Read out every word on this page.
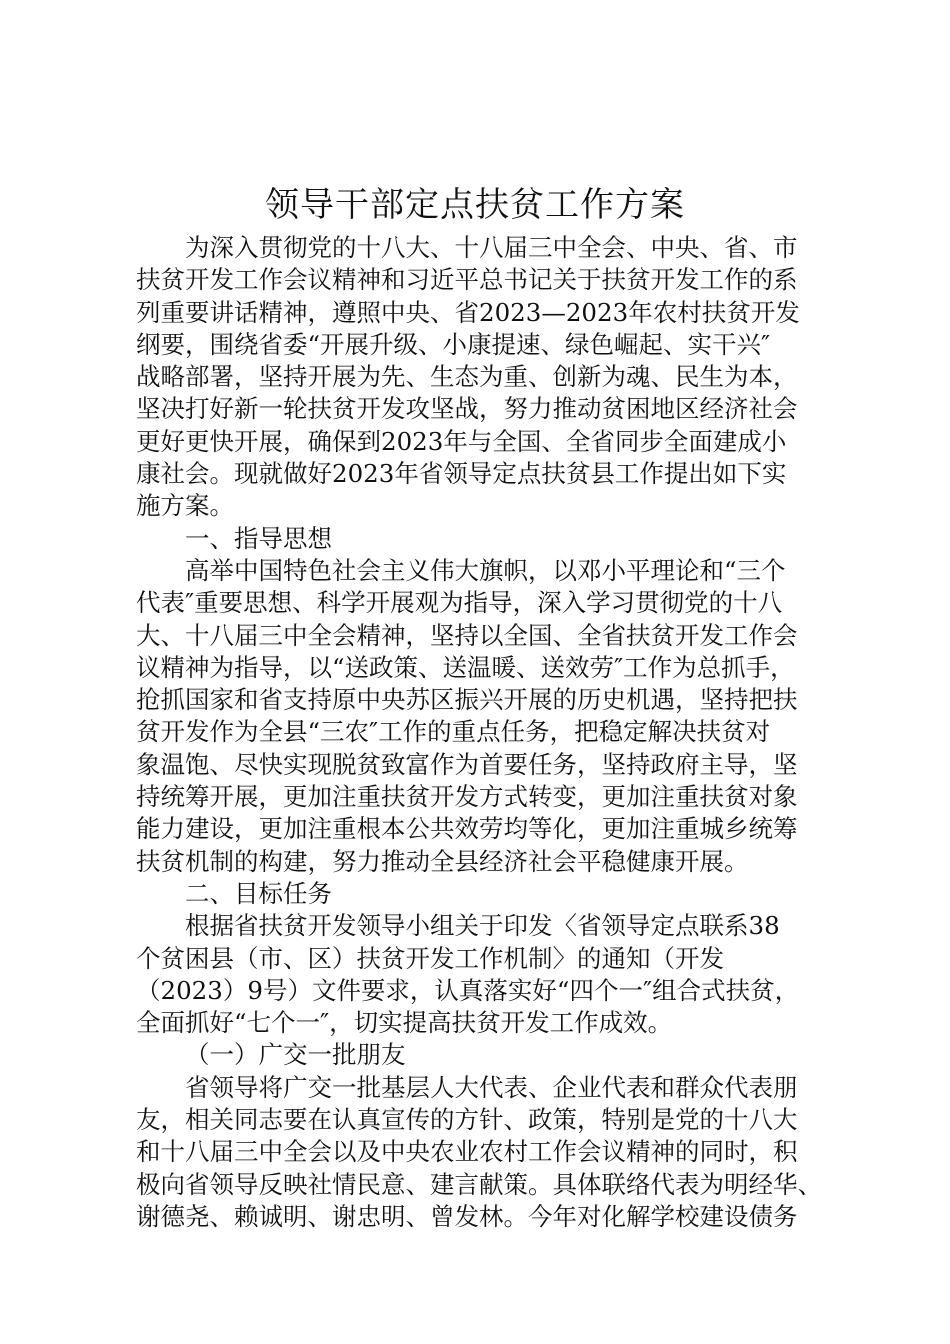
领导干部定点扶贫工作方案
为深入贯彻党的十八大、十八届三中全会、中央、省、市
扶贫开发工作会议精神和习近平总书记关于扶贫开发工作的系
列重要讲话精神，遵照中央、省2023—2023年农村扶贫开发
纲要，围绕省委“开展升级、小康提速、绿色崛起、实干兴″
战略部署，坚持开展为先、生态为重、创新为魂、民生为本，
坚决打好新一轮扶贫开发攻坚战，努力推动贫困地区经济社会
更好更快开展，确保到2023年与全国、全省同步全面建成小
康社会。现就做好2023年省领导定点扶贫县工作提出如下实
施方案。
一、指导思想
高举中国特色社会主义伟大旗帜，以邓小平理论和“三个
代表″重要思想、科学开展观为指导，深入学习贯彻党的十八
大、十八届三中全会精神，坚持以全国、全省扶贫开发工作会
议精神为指导，以“送政策、送温暖、送效劳″工作为总抓手，
抢抓国家和省支持原中央苏区振兴开展的历史机遇，坚持把扶
贫开发作为全县“三农″工作的重点任务，把稳定解决扶贫对
象温饱、尽快实现脱贫致富作为首要任务，坚持政府主导，坚
持统筹开展，更加注重扶贫开发方式转变，更加注重扶贫对象
能力建设，更加注重根本公共效劳均等化，更加注重城乡统筹
扶贫机制的构建，努力推动全县经济社会平稳健康开展。
二、目标任务
根据省扶贫开发领导小组关于印发〈省领导定点联系38
个贫困县（市、区）扶贫开发工作机制〉的通知（开发
（2023）9号）文件要求，认真落实好“四个一″组合式扶贫，
全面抓好“七个一″，切实提高扶贫开发工作成效。
（一）广交一批朋友
省领导将广交一批基层人大代表、企业代表和群众代表朋
友，相关同志要在认真宣传的方针、政策，特别是党的十八大
和十八届三中全会以及中央农业农村工作会议精神的同时，积
极向省领导反映社情民意、建言献策。具体联络代表为明经华、
谢德尧、赖诚明、谢忠明、曾发林。今年对化解学校建设债务
